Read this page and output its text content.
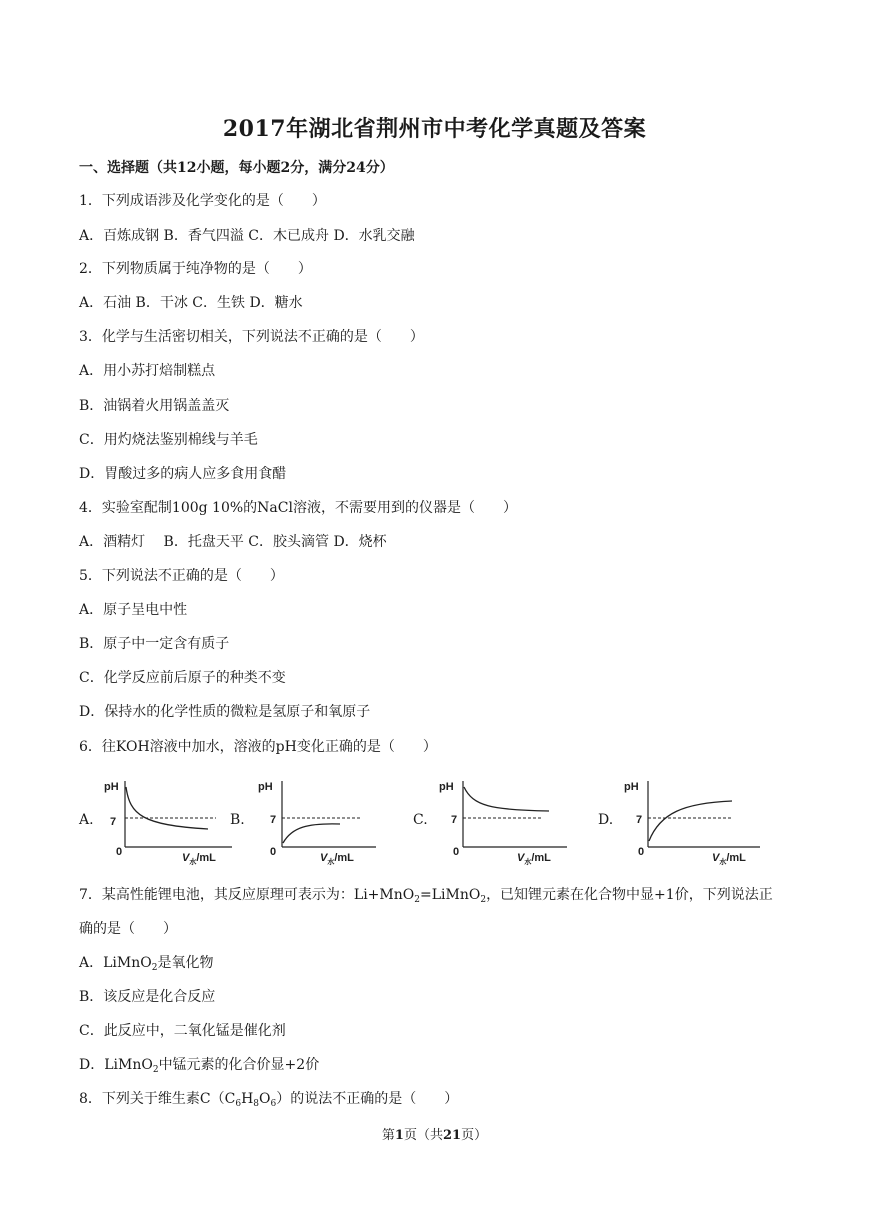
2017年湖北省荆州市中考化学真题及答案
一、选择题（共12小题，每小题2分，满分24分）
1．下列成语涉及化学变化的是（　　）
A．百炼成钢 B．香气四溢 C．木已成舟 D．水乳交融
2．下列物质属于纯净物的是（　　）
A．石油 B．干冰 C．生铁 D．糖水
3．化学与生活密切相关，下列说法不正确的是（　　）
A．用小苏打焙制糕点
B．油锅着火用锅盖盖灭
C．用灼烧法鉴别棉线与羊毛
D．胃酸过多的病人应多食用食醋
4．实验室配制100g 10%的NaCl溶液，不需要用到的仪器是（　　）
A．酒精灯　 B．托盘天平 C．胶头滴管 D．烧杯
5．下列说法不正确的是（　　）
A．原子呈电中性
B．原子中一定含有质子
C．化学反应前后原子的种类不变
D．保持水的化学性质的微粒是氢原子和氧原子
6．往KOH溶液中加水，溶液的pH变化正确的是（　　）
A.
pH
7
0	$V_水/mL$
B.
pH
7
0	$V_水/mL$
C.
pH
7
0	$V_水/mL$
D.
pH
7
0	$V_水/mL$
7．某高性能锂电池，其反应原理可表示为：Li+MnO$_2$=LiMnO$_2$，已知锂元素在化合物中显+1价，下列说法正
确的是（　　）
A．LiMnO$_2$是氧化物
B．该反应是化合反应
C．此反应中，二氧化锰是催化剂
D．LiMnO$_2$中锰元素的化合价显+2价
8．下列关于维生素$C(C_6H_8O_6)$的说法不正确的是（　　）
第1页（共21页）
